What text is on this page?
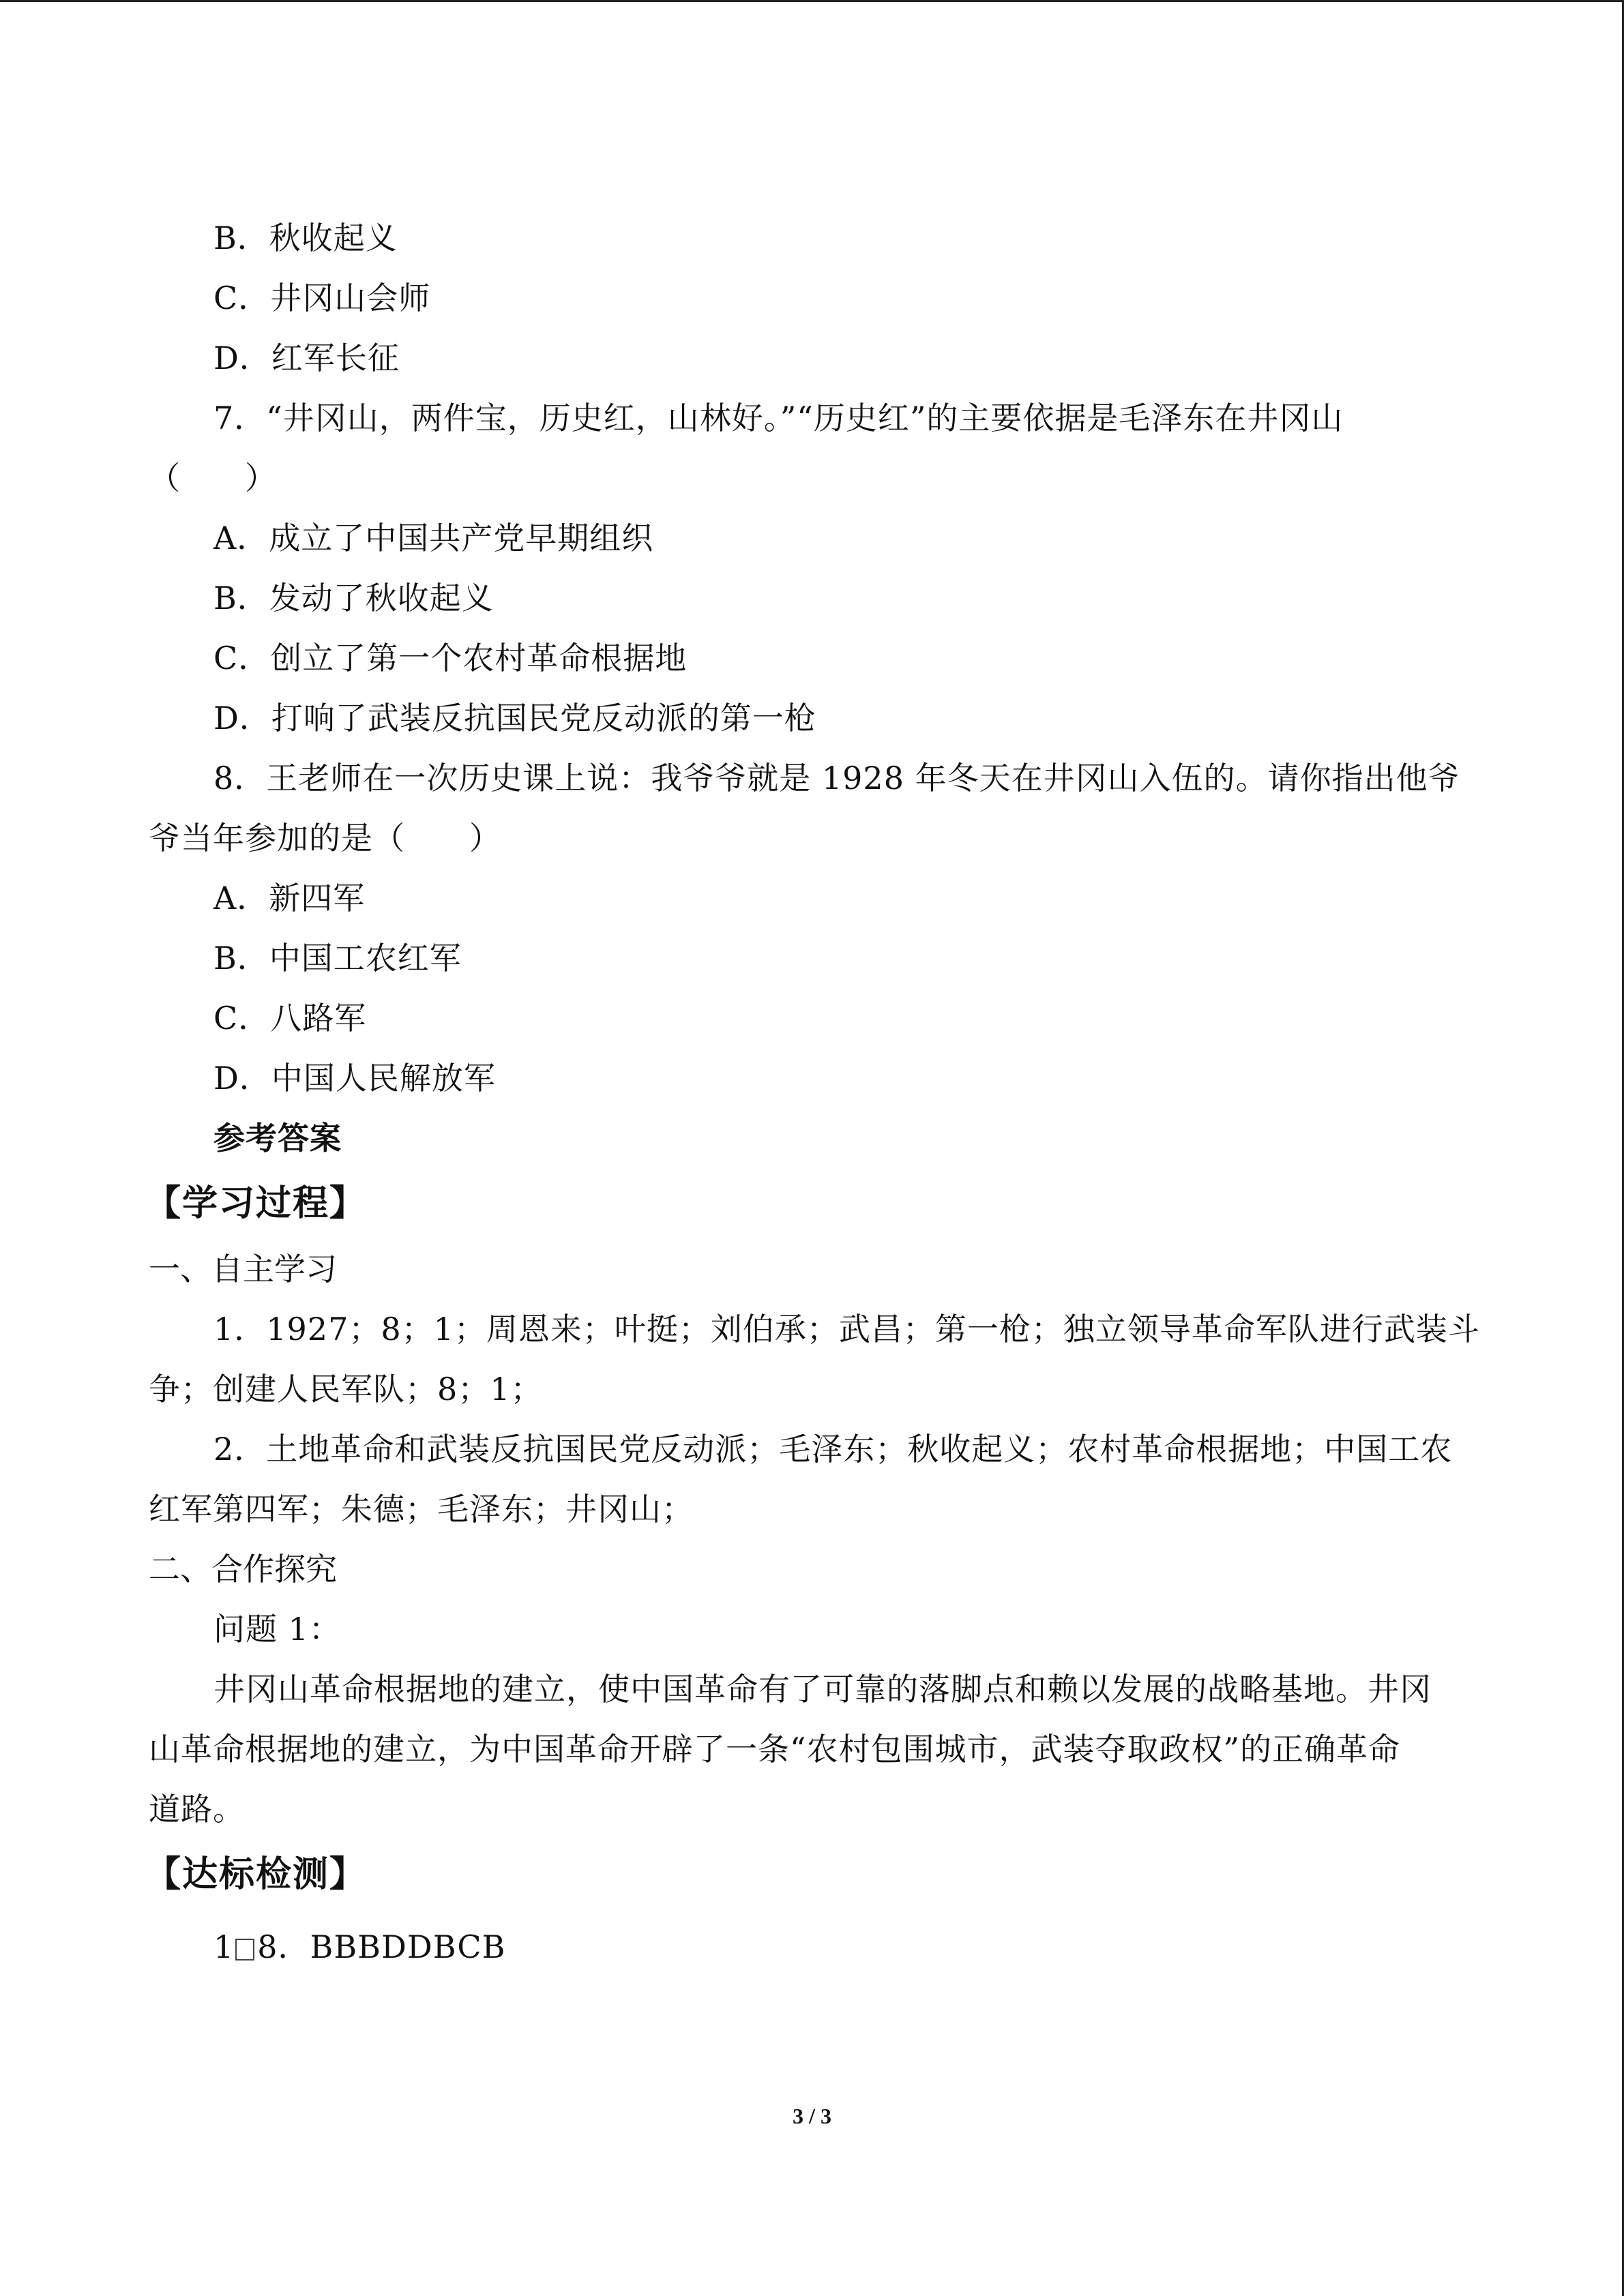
B．秋收起义
C．井冈山会师
D．红军长征
7．“井冈山，两件宝，历史红，山林好。”“历史红”的主要依据是毛泽东在井冈山
（　　）
A．成立了中国共产党早期组织
B．发动了秋收起义
C．创立了第一个农村革命根据地
D．打响了武装反抗国民党反动派的第一枪
8．王老师在一次历史课上说：我爷爷就是 1928 年冬天在井冈山入伍的。请你指出他爷
爷当年参加的是（　　）
A．新四军
B．中国工农红军
C．八路军
D．中国人民解放军
参考答案
【学习过程】
一、自主学习
1．1927；8；1；周恩来；叶挺；刘伯承；武昌；第一枪；独立领导革命军队进行武装斗
争；创建人民军队；8；1；
2．土地革命和武装反抗国民党反动派；毛泽东；秋收起义；农村革命根据地；中国工农
红军第四军；朱德；毛泽东；井冈山；
二、合作探究
问题 1：
井冈山革命根据地的建立，使中国革命有了可靠的落脚点和赖以发展的战略基地。井冈
山革命根据地的建立，为中国革命开辟了一条“农村包围城市，武装夺取政权”的正确革命
道路。
【达标检测】
1 8．BBBDDBCB
3 / 3
